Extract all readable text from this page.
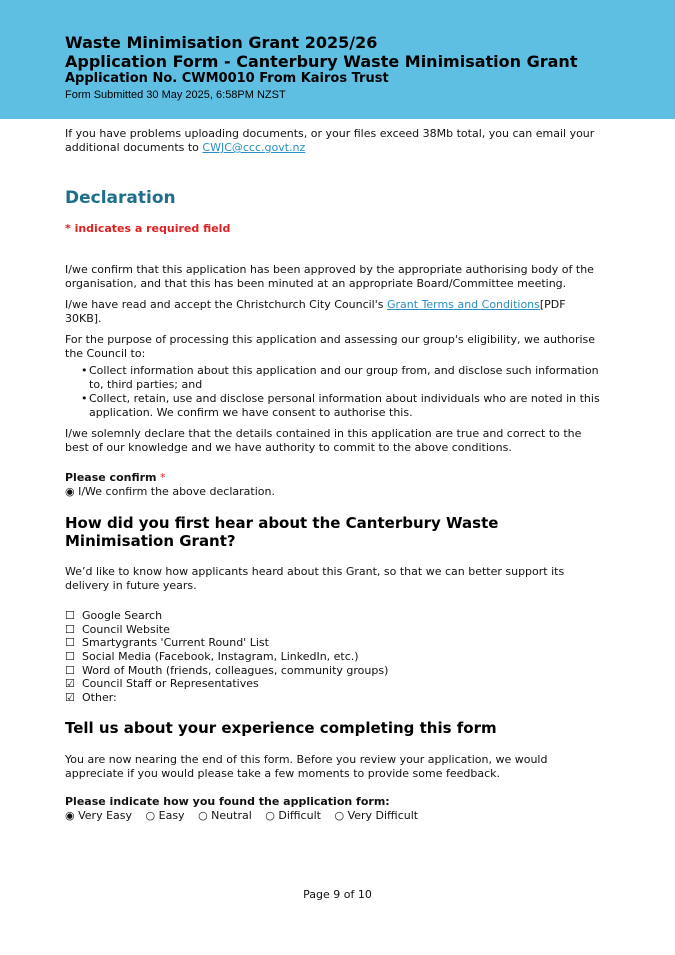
Waste Minimisation Grant 2025/26
Application Form - Canterbury Waste Minimisation Grant
Application No. CWM0010 From Kairos Trust
Form Submitted 30 May 2025, 6:58PM NZST

If you have problems uploading documents, or your files exceed 38Mb total, you can email your additional documents to CWJC@ccc.govt.nz

Declaration
* indicates a required field

I/we confirm that this application has been approved by the appropriate authorising body of the organisation, and that this has been minuted at an appropriate Board/Committee meeting.

I/we have read and accept the Christchurch City Council's Grant Terms and Conditions[PDF 30KB].

For the purpose of processing this application and assessing our group's eligibility, we authorise the Council to:

• Collect information about this application and our group from, and disclose such information to, third parties; and
• Collect, retain, use and disclose personal information about individuals who are noted in this application. We confirm we have consent to authorise this.

I/we solemnly declare that the details contained in this application are true and correct to the best of our knowledge and we have authority to commit to the above conditions.

Please confirm *

◉ I/We confirm the above declaration.

How did you first hear about the Canterbury Waste Minimisation Grant?

We’d like to know how applicants heard about this Grant, so that we can better support its delivery in future years.

☐ Google Search
☐ Council Website
☐ Smartygrants 'Current Round' List
☐ Social Media (Facebook, Instagram, LinkedIn, etc.)
☐ Word of Mouth (friends, colleagues, community groups)
☑ Council Staff or Representatives
☑ Other:
Tell us about your experience completing this form

You are now nearing the end of this form. Before you review your application, we would appreciate if you would please take a few moments to provide some feedback.

Please indicate how you found the application form:

◉ Very Easy ○ Easy ○ Neutral ○ Difficult ○ Very Difficult

Page 9 of 10
